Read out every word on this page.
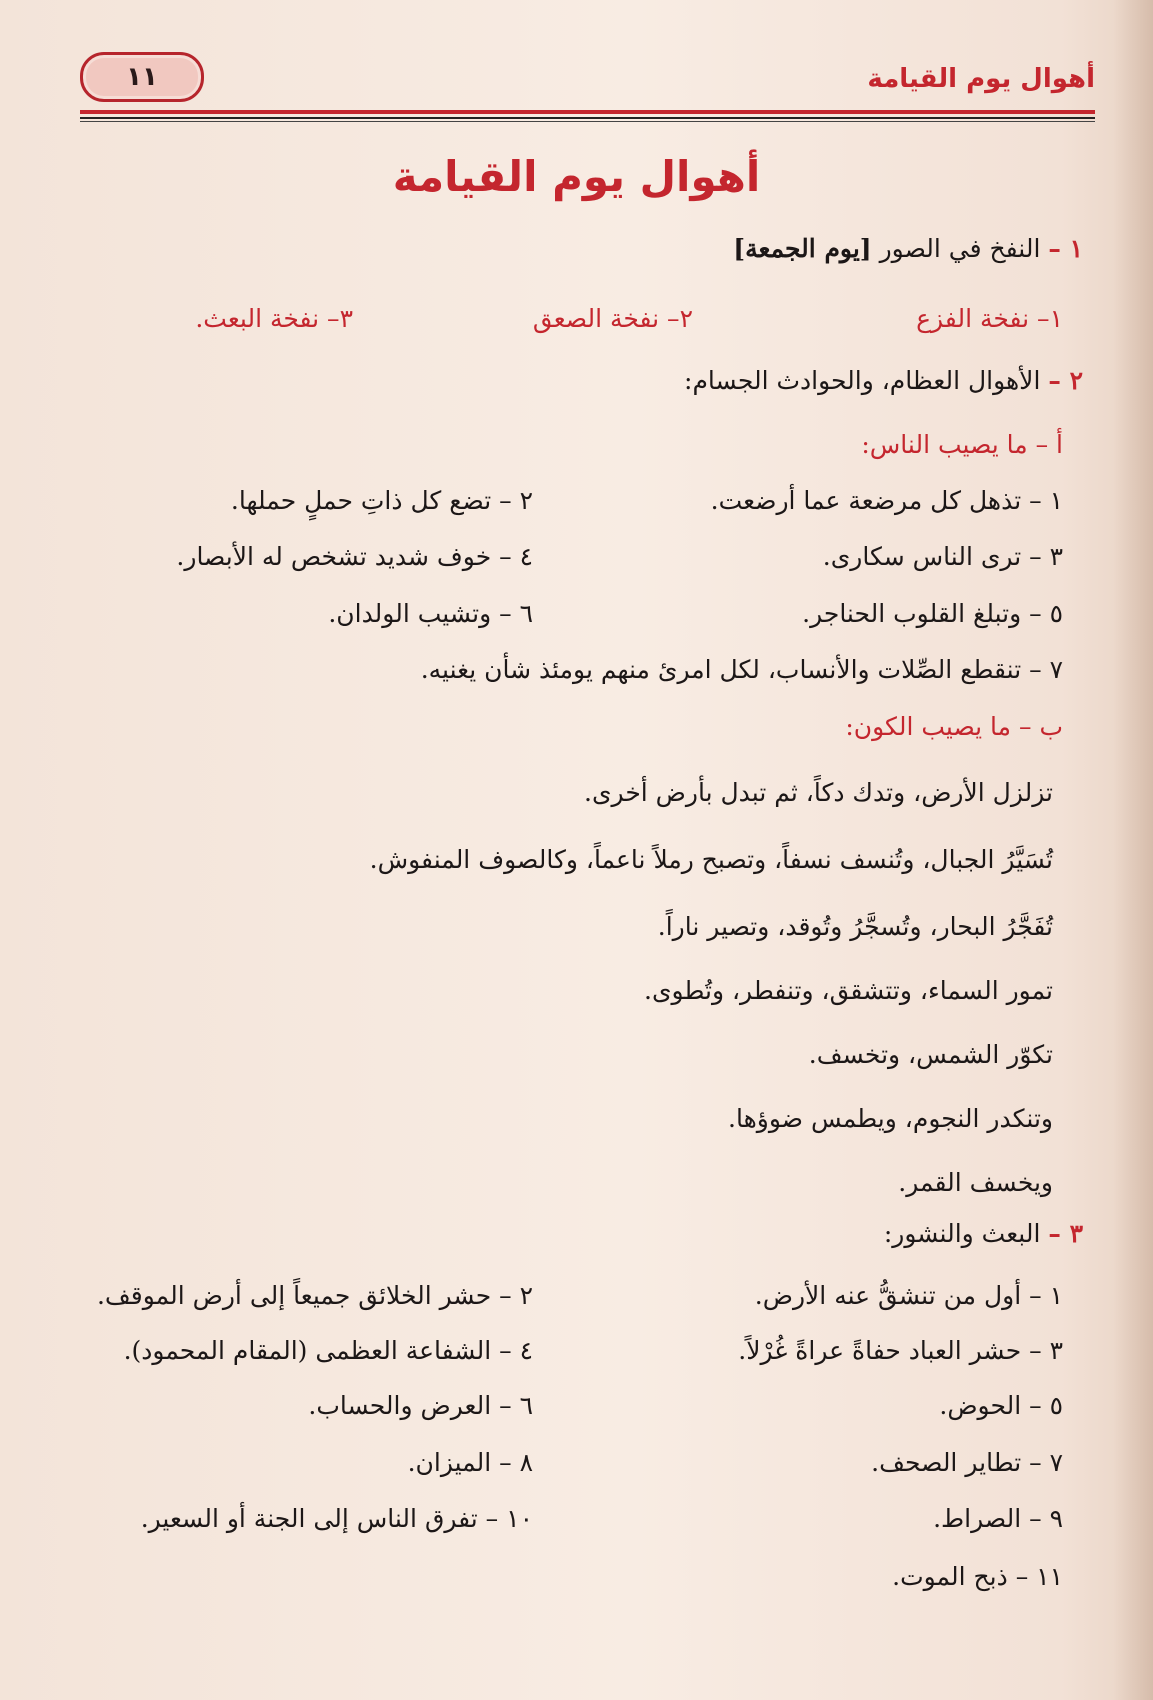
أهوال يوم القيامة
١١
أهوال يوم القيامة
١ – النفخ في الصور [يوم الجمعة]
١– نفخة الفزع
٢– نفخة الصعق
٣– نفخة البعث.
٢ – الأهوال العظام، والحوادث الجسام:
أ – ما يصيب الناس:
١ – تذهل كل مرضعة عما أرضعت.
٢ – تضع كل ذاتِ حملٍ حملها.
٣ – ترى الناس سكارى.
٤ – خوف شديد تشخص له الأبصار.
٥ – وتبلغ القلوب الحناجر.
٦ – وتشيب الولدان.
٧ – تنقطع الصِّلات والأنساب، لكل امرئ منهم يومئذ شأن يغنيه.
ب – ما يصيب الكون:
تزلزل الأرض، وتدك دكاً، ثم تبدل بأرض أخرى.
تُسَيَّرُ الجبال، وتُنسف نسفاً، وتصبح رملاً ناعماً، وكالصوف المنفوش.
تُفَجَّرُ البحار، وتُسجَّرُ وتُوقد، وتصير ناراً.
تمور السماء، وتتشقق، وتنفطر، وتُطوى.
تكوّر الشمس، وتخسف.
وتنكدر النجوم، ويطمس ضوؤها.
ويخسف القمر.
٣ – البعث والنشور:
١ – أول من تنشقُّ عنه الأرض.
٢ – حشر الخلائق جميعاً إلى أرض الموقف.
٣ – حشر العباد حفاةً عراةً غُرْلاً.
٤ – الشفاعة العظمى (المقام المحمود).
٥ – الحوض.
٦ – العرض والحساب.
٧ – تطاير الصحف.
٨ – الميزان.
٩ – الصراط.
١٠ – تفرق الناس إلى الجنة أو السعير.
١١ – ذبح الموت.
